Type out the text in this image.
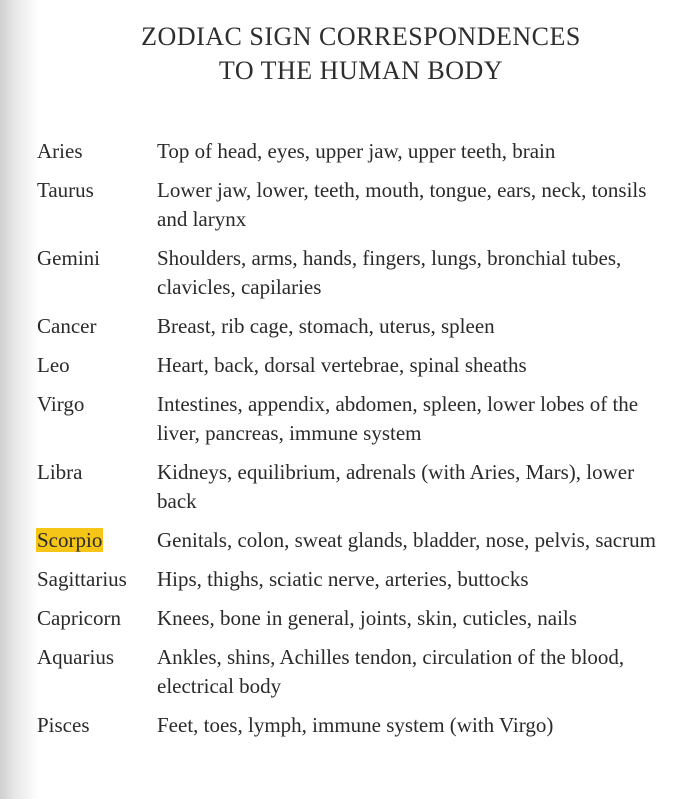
ZODIAC SIGN CORRESPONDENCES
TO THE HUMAN BODY
Aries	Top of head, eyes, upper jaw, upper teeth, brain
Taurus	Lower jaw, lower, teeth, mouth, tongue, ears, neck, tonsils and larynx
Gemini	Shoulders, arms, hands, fingers, lungs, bronchial tubes, clavicles, capilaries
Cancer	Breast, rib cage, stomach, uterus, spleen
Leo	Heart, back, dorsal vertebrae, spinal sheaths
Virgo	Intestines, appendix, abdomen, spleen, lower lobes of the liver, pancreas, immune system
Libra	Kidneys, equilibrium, adrenals (with Aries, Mars), lower back
Scorpio	Genitals, colon, sweat glands, bladder, nose, pelvis, sacrum
Sagittarius	Hips, thighs, sciatic nerve, arteries, buttocks
Capricorn	Knees, bone in general, joints, skin, cuticles, nails
Aquarius	Ankles, shins, Achilles tendon, circulation of the blood, electrical body
Pisces	Feet, toes, lymph, immune system (with Virgo)
